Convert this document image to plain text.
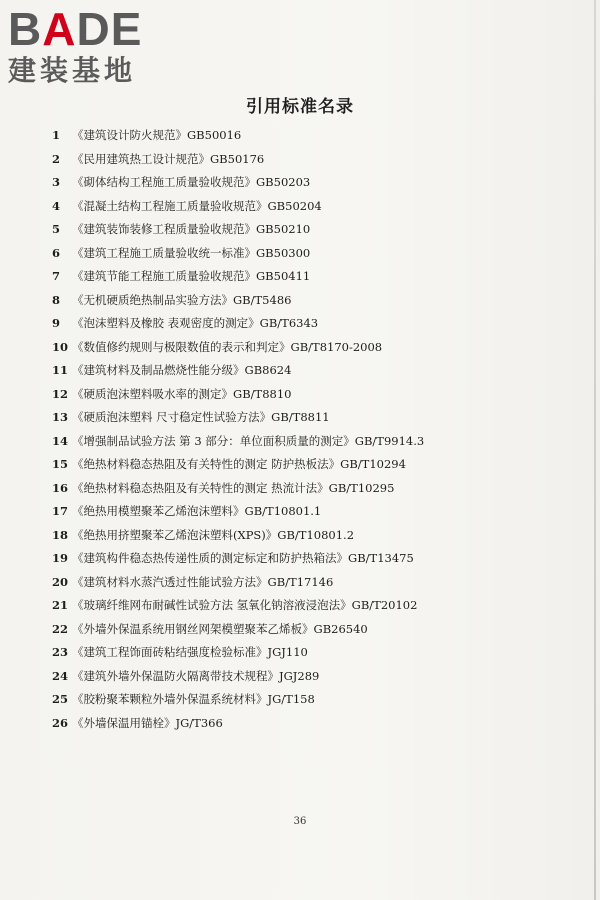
BADE
建装基地
引用标准名录
1 《建筑设计防火规范》GB50016
2 《民用建筑热工设计规范》GB50176
3 《砌体结构工程施工质量验收规范》GB50203
4 《混凝土结构工程施工质量验收规范》GB50204
5 《建筑装饰装修工程质量验收规范》GB50210
6 《建筑工程施工质量验收统一标准》GB50300
7 《建筑节能工程施工质量验收规范》GB50411
8 《无机硬质绝热制品实验方法》GB/T5486
9 《泡沫塑料及橡胶 表观密度的测定》GB/T6343
10 《数值修约规则与极限数值的表示和判定》GB/T8170-2008
11 《建筑材料及制品燃烧性能分级》GB8624
12 《硬质泡沫塑料吸水率的测定》GB/T8810
13 《硬质泡沫塑料 尺寸稳定性试验方法》GB/T8811
14 《增强制品试验方法 第 3 部分：单位面积质量的测定》GB/T9914.3
15 《绝热材料稳态热阻及有关特性的测定 防护热板法》GB/T10294
16 《绝热材料稳态热阻及有关特性的测定 热流计法》GB/T10295
17 《绝热用模塑聚苯乙烯泡沫塑料》GB/T10801.1
18 《绝热用挤塑聚苯乙烯泡沫塑料(XPS)》GB/T10801.2
19 《建筑构件稳态热传递性质的测定标定和防护热箱法》GB/T13475
20 《建筑材料水蒸汽透过性能试验方法》GB/T17146
21 《玻璃纤维网布耐碱性试验方法 氢氧化钠溶液浸泡法》GB/T20102
22 《外墙外保温系统用钢丝网架模塑聚苯乙烯板》GB26540
23 《建筑工程饰面砖粘结强度检验标准》JGJ110
24 《建筑外墙外保温防火隔离带技术规程》JGJ289
25 《胶粉聚苯颗粒外墙外保温系统材料》JG/T158
26 《外墙保温用锚栓》JG/T366
36
